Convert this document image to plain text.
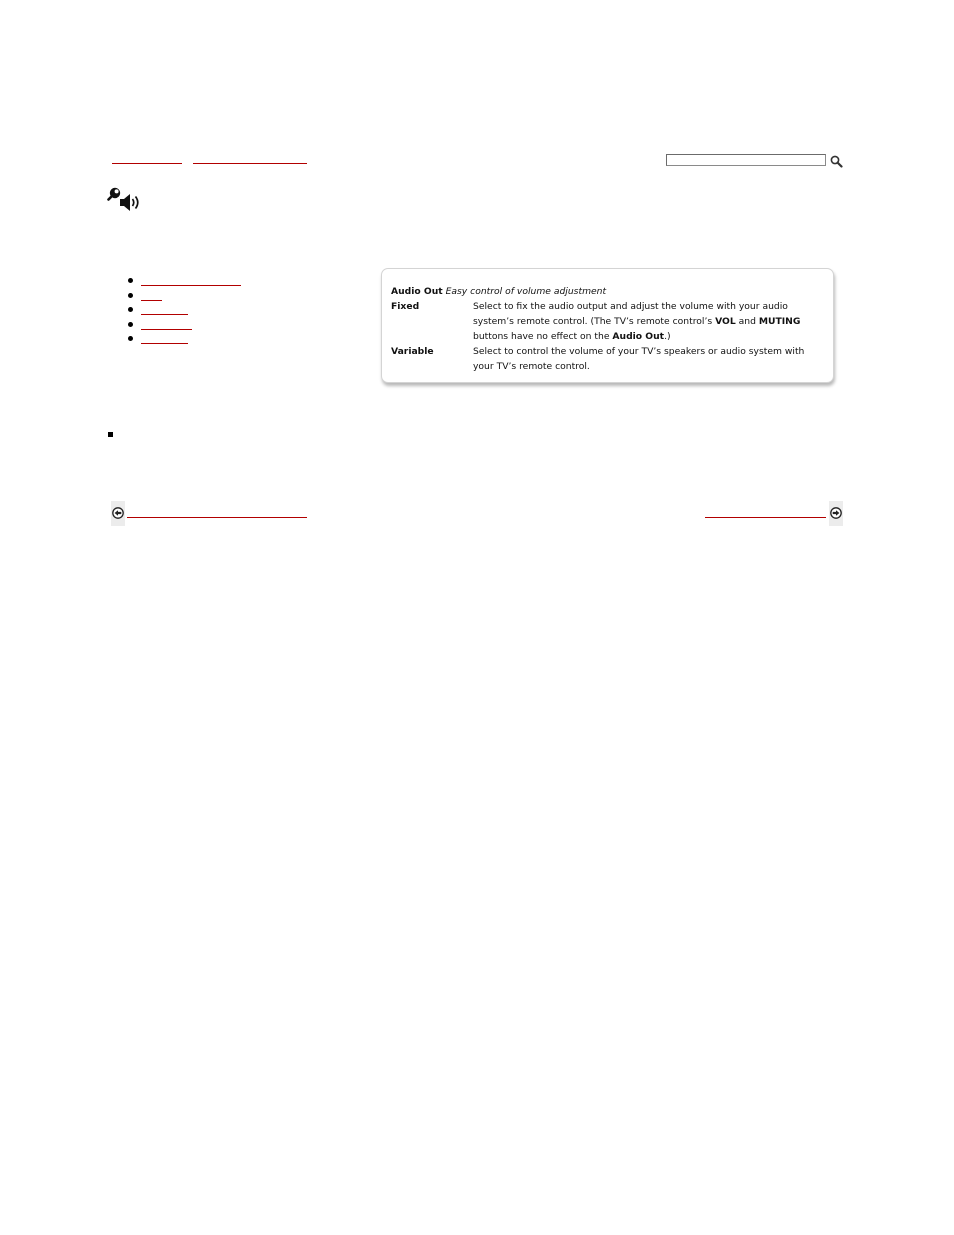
Audio Out Easy control of volume adjustment
Fixed	Select to fix the audio output and adjust the volume with your audio system’s remote control. (The TV’s remote control’s VOL and MUTING buttons have no effect on the Audio Out.)
Variable	Select to control the volume of your TV’s speakers or audio system with your TV’s remote control.
